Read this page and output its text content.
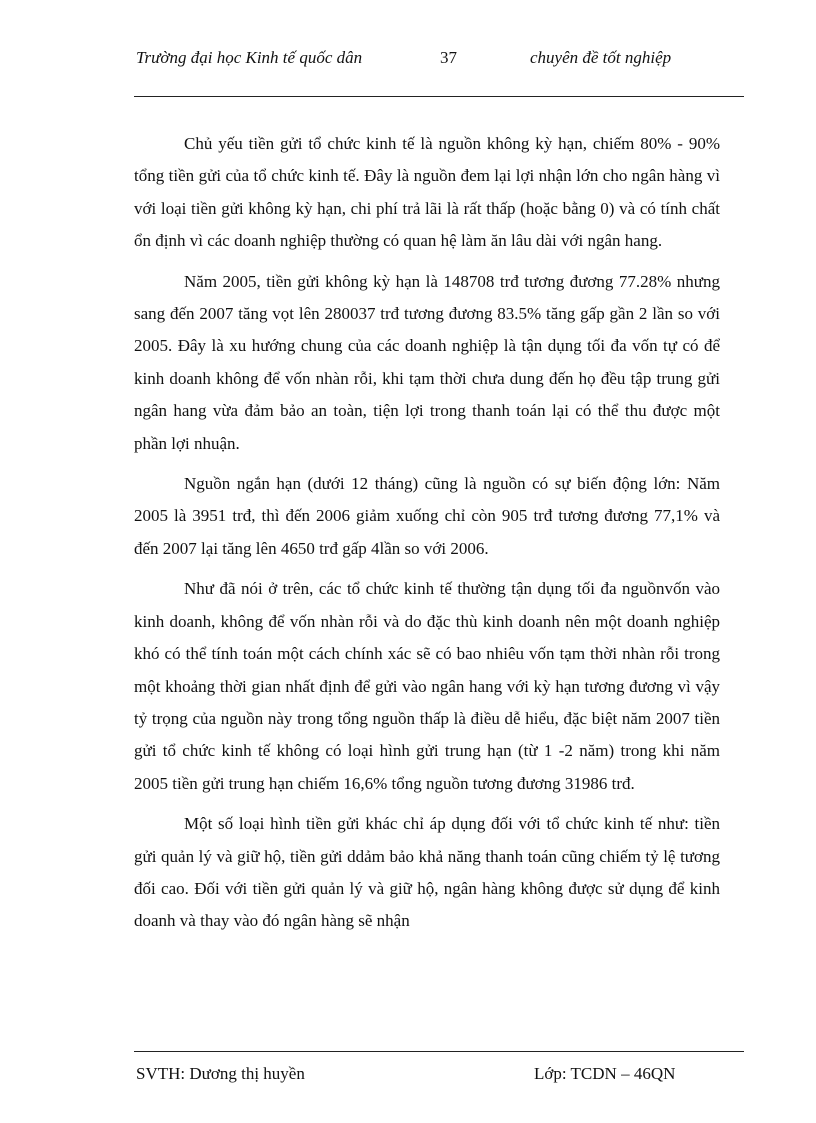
Trường đại học Kinh tế quốc dân	37	chuyên đề tốt nghiệp

Chủ yếu tiền gửi tổ chức kinh tế là nguồn không kỳ hạn, chiếm 80% - 90% tổng tiền gửi của tổ chức kinh tế. Đây là nguồn đem lại lợi nhận lớn cho ngân hàng vì với loại tiền gửi không kỳ hạn, chi phí trả lãi là rất thấp (hoặc bằng 0) và có tính chất ổn định vì các doanh nghiệp thường có quan hệ làm ăn lâu dài với ngân hang.

Năm 2005, tiền gửi không kỳ hạn là 148708 trđ tương đương 77.28% nhưng sang đến 2007 tăng vọt lên 280037 trđ tương đương 83.5% tăng gấp gần 2 lần so với 2005. Đây là xu hướng chung của các doanh nghiệp là tận dụng tối đa vốn tự có để kinh doanh không để vốn nhàn rỗi, khi tạm thời chưa dung đến họ đều tập trung gửi ngân hang vừa đảm bảo an toàn, tiện lợi trong thanh toán lại có thể thu được một phần lợi nhuận.

Nguồn ngắn hạn (dưới 12 tháng) cũng là nguồn có sự biến động lớn: Năm 2005 là 3951 trđ, thì đến 2006 giảm xuống chỉ còn 905 trđ tương đương 77,1% và đến 2007 lại tăng lên 4650 trđ gấp 4lần so với 2006.

Như đã nói ở trên, các tổ chức kinh tế thường tận dụng tối đa nguồnvốn vào kinh doanh, không để vốn nhàn rỗi và do đặc thù kinh doanh nên một doanh nghiệp khó có thể tính toán một cách chính xác sẽ có bao nhiêu vốn tạm thời nhàn rỗi trong một khoảng thời gian nhất định để gửi vào ngân hang với kỳ hạn tương đương vì vậy tỷ trọng của nguồn này trong tổng nguồn thấp là điều dễ hiểu, đặc biệt năm 2007 tiền gửi tổ chức kinh tế không có loại hình gửi trung hạn (từ 1 -2 năm) trong khi năm 2005 tiền gửi trung hạn chiếm 16,6% tổng nguồn tương đương 31986 trđ.

Một số loại hình tiền gửi khác chỉ áp dụng đối với tổ chức kinh tế như: tiền gửi quản lý và giữ hộ, tiền gửi ddảm bảo khả năng thanh toán cũng chiếm tỷ lệ tương đối cao. Đối với tiền gửi quản lý và giữ hộ, ngân hàng không được sử dụng để kinh doanh và thay vào đó ngân hàng sẽ nhận

SVTH: Dương thị huyền	Lớp: TCDN – 46QN
